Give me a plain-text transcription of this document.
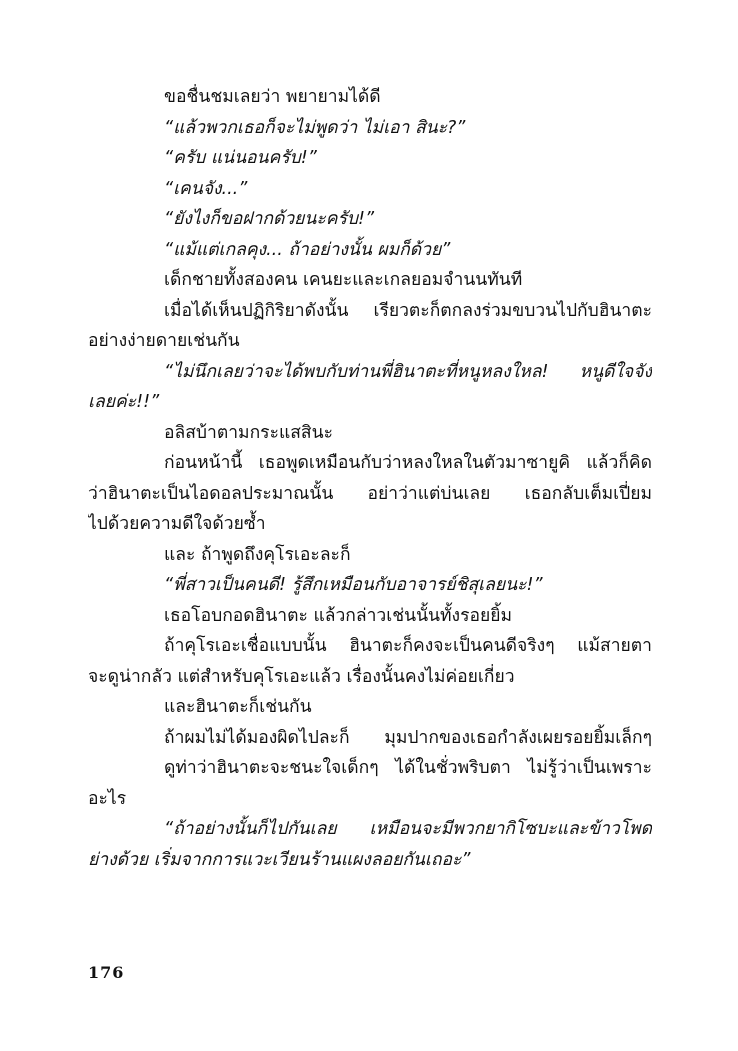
ขอชื่นชมเลยว่า พยายามได้ดี
“แล้วพวกเธอก็จะไม่พูดว่า ไม่เอา สินะ?”
“ครับ แน่นอนครับ!”
“เคนจัง...”
“ยังไงก็ขอฝากด้วยนะครับ!”
“แม้แต่เกลคุง... ถ้าอย่างนั้น ผมก็ด้วย”
เด็กชายทั้งสองคน เคนยะและเกลยอมจำนนทันที
เมื่อได้เห็นปฏิกิริยาดังนั้น เรียวตะก็ตกลงร่วมขบวนไปกับฮินาตะ
อย่างง่ายดายเช่นกัน
“ไม่นึกเลยว่าจะได้พบกับท่านพี่ฮินาตะที่หนูหลงใหล! หนูดีใจจัง
เลยค่ะ!!”
อลิสบ้าตามกระแสสินะ
ก่อนหน้านี้ เธอพูดเหมือนกับว่าหลงใหลในตัวมาซายูคิ แล้วก็คิด
ว่าฮินาตะเป็นไอดอลประมาณนั้น อย่าว่าแต่บ่นเลย เธอกลับเต็มเปี่ยม
ไปด้วยความดีใจด้วยซ้ำ
และ ถ้าพูดถึงคุโรเอะละก็
“พี่สาวเป็นคนดี! รู้สึกเหมือนกับอาจารย์ชิสุเลยนะ!”
เธอโอบกอดฮินาตะ แล้วกล่าวเช่นนั้นทั้งรอยยิ้ม
ถ้าคุโรเอะเชื่อแบบนั้น ฮินาตะก็คงจะเป็นคนดีจริงๆ แม้สายตา
จะดูน่ากลัว แต่สำหรับคุโรเอะแล้ว เรื่องนั้นคงไม่ค่อยเกี่ยว
และฮินาตะก็เช่นกัน
ถ้าผมไม่ได้มองผิดไปละก็ มุมปากของเธอกำลังเผยรอยยิ้มเล็กๆ
ดูท่าว่าฮินาตะจะชนะใจเด็กๆ ได้ในชั่วพริบตา ไม่รู้ว่าเป็นเพราะ
อะไร
“ถ้าอย่างนั้นก็ไปกันเลย เหมือนจะมีพวกยากิโซบะและข้าวโพด
ย่างด้วย เริ่มจากการแวะเวียนร้านแผงลอยกันเถอะ”
176
